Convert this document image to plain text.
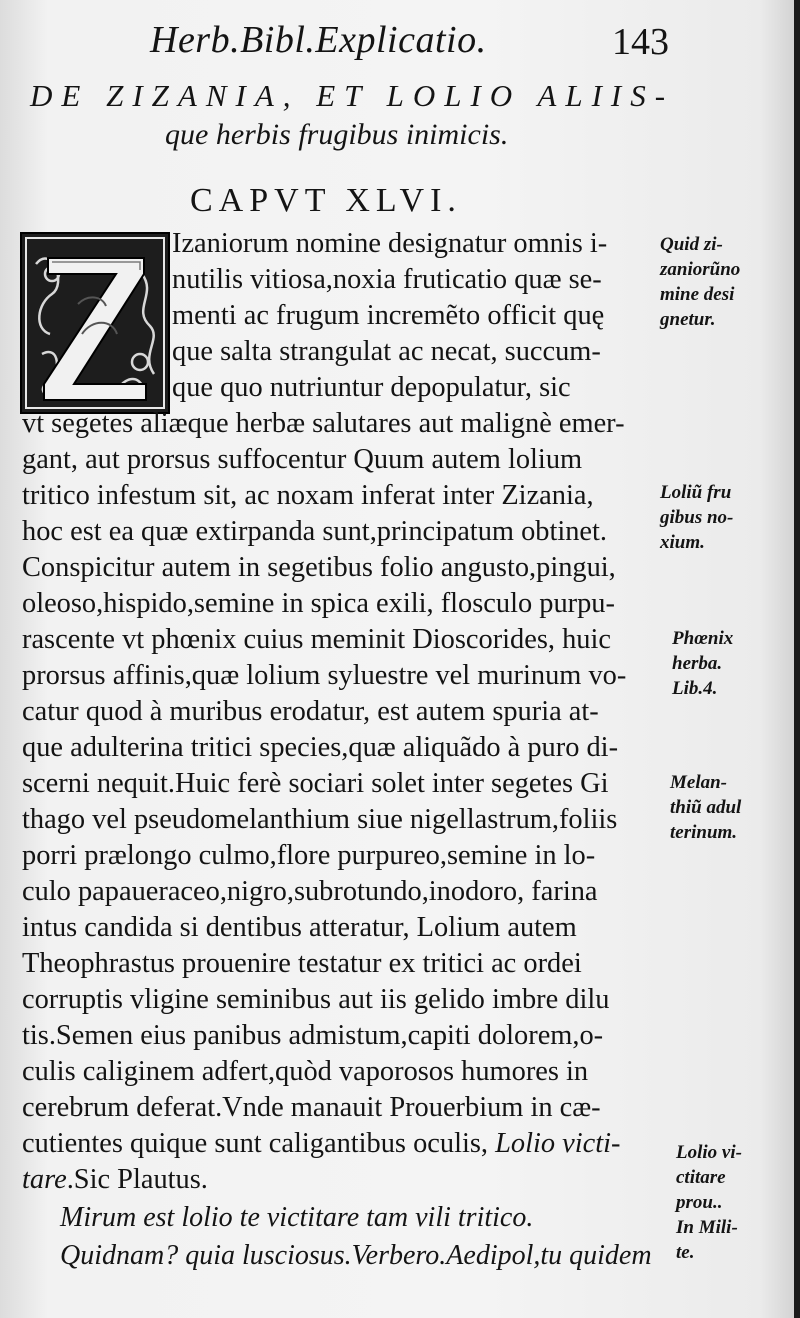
Herb.Bibl.Explicatio.	143
DE ZIZANIA, ET LOLIO ALIIS-
que herbis frugibus inimicis.
CAPVT XLVI.
Izaniorum nomine designatur omnis i-
nutilis vitiosa,noxia fruticatio quæ se-
menti ac frugum incremẽto officit quę
que salta strangulat ac necat, succum-
que quo nutriuntur depopulatur, sic
vt segetes aliæque herbæ salutares aut malignè emer-
gant, aut prorsus suffocentur Quum autem lolium
tritico infestum sit, ac noxam inferat inter Zizania,
hoc est ea quæ extirpanda sunt,principatum obtinet.
Conspicitur autem in segetibus folio angusto,pingui,
oleoso,hispido,semine in spica exili, flosculo purpu-
rascente vt phœnix cuius meminit Dioscorides, huic
prorsus affinis,quæ lolium syluestre vel murinum vo-
catur quod à muribus erodatur, est autem spuria at-
que adulterina tritici species,quæ aliquãdo à puro di-
scerni nequit.Huic ferè sociari solet inter segetes Gi
thago vel pseudomelanthium siue nigellastrum,foliis
porri prælongo culmo,flore purpureo,semine in lo-
culo papaueraceo,nigro,subrotundo,inodoro, farina
intus candida si dentibus atteratur, Lolium autem
Theophrastus prouenire testatur ex tritici ac ordei
corruptis vligine seminibus aut iis gelido imbre dilu
tis.Semen eius panibus admistum,capiti dolorem,o-
culis caliginem adfert,quòd vaporosos humores in
cerebrum deferat.Vnde manauit Prouerbium in cæ-
cutientes quique sunt caligantibus oculis, Lolio victi-
tare.Sic Plautus.
Mirum est lolio te victitare tam vili tritico.
Quidnam? quia lusciosus.Verbero.Aedipol,tu quidem
Quid zi-
zaniorũno
mine desi
gnetur.
Loliũ fru
gibus no-
xium.
Phœnix
herba.
Lib.4.
Melan-
thiũ adul
terinum.
Lolio vi-
ctitare
prou..
In Mili-
te.
